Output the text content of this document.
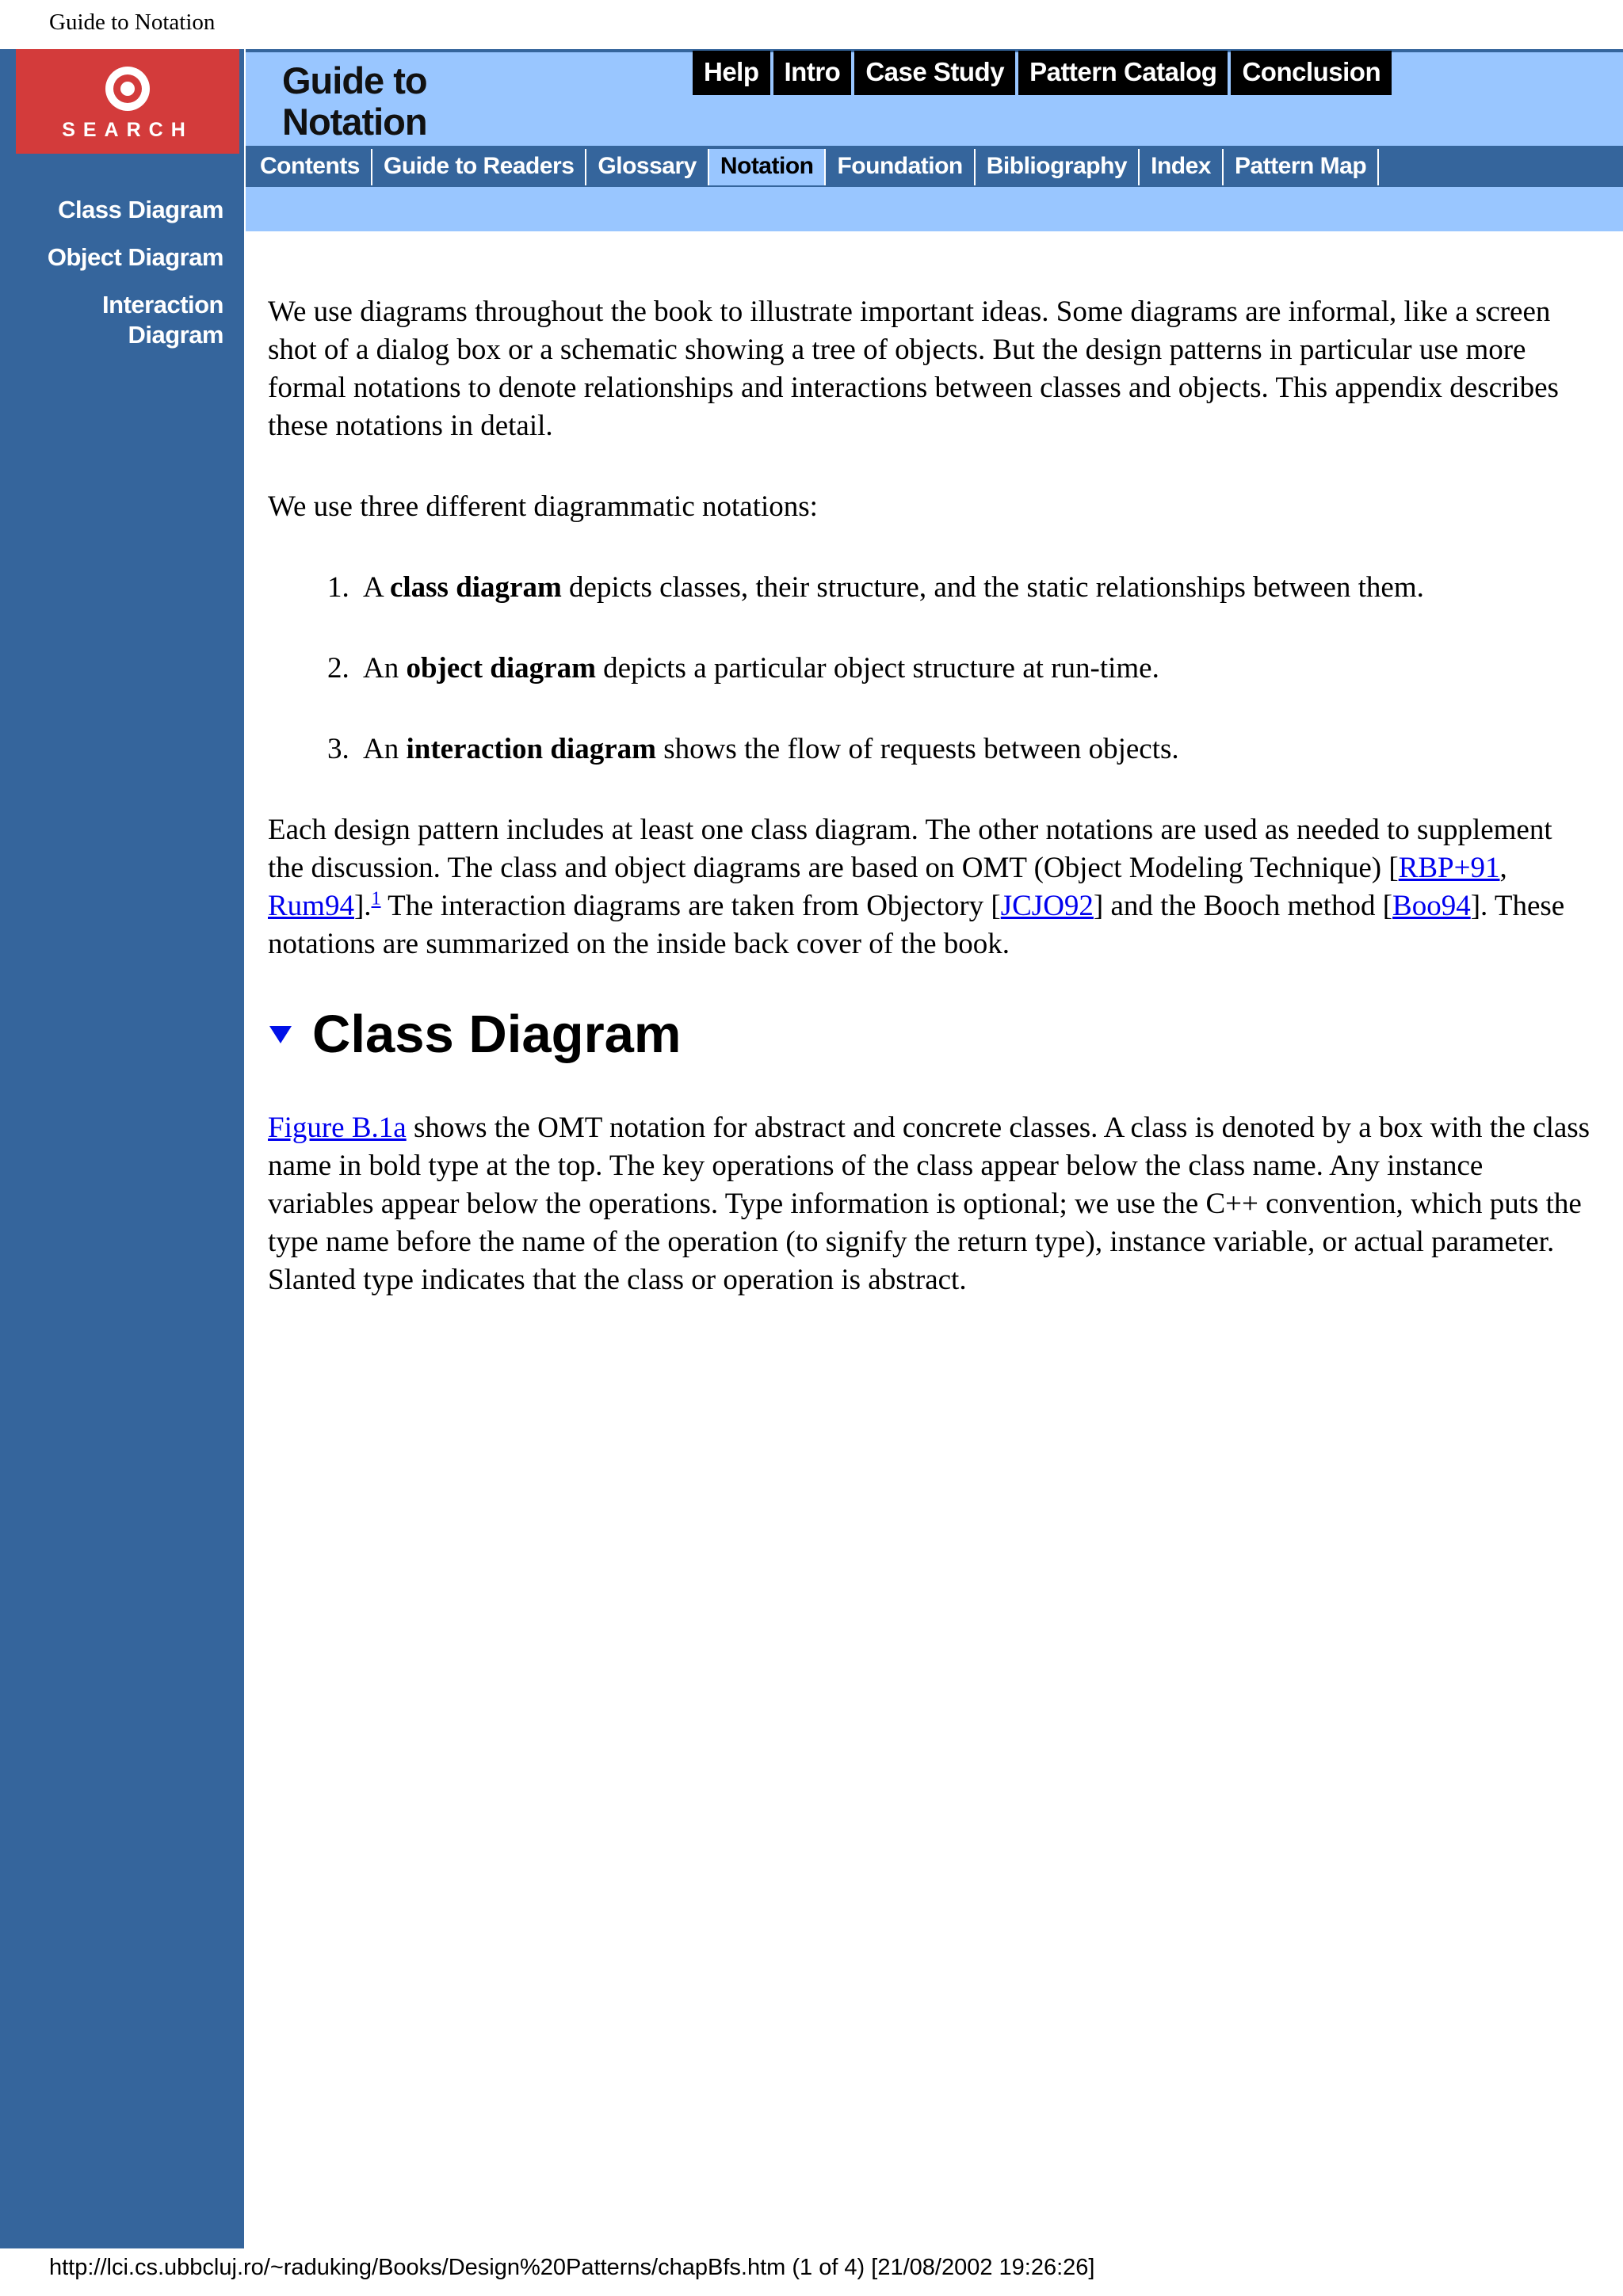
Guide to Notation
SEARCH
Class Diagram
Object Diagram
Interaction
Diagram
Guide to
Notation
Help Intro Case Study Pattern Catalog Conclusion
Contents	Guide to Readers	Glossary	Notation	Foundation	Bibliography	Index	Pattern Map

We use diagrams throughout the book to illustrate important ideas. Some diagrams are informal, like a screen shot of a dialog box or a schematic showing a tree of objects. But the design patterns in particular use more formal notations to denote relationships and interactions between classes and objects. This appendix describes these notations in detail.

We use three different diagrammatic notations:

1. A class diagram depicts classes, their structure, and the static relationships between them.
2. An object diagram depicts a particular object structure at run-time.
3. An interaction diagram shows the flow of requests between objects.

Each design pattern includes at least one class diagram. The other notations are used as needed to supplement the discussion. The class and object diagrams are based on OMT (Object Modeling Technique) [RBP+91, Rum94].$^1$ The interaction diagrams are taken from Objectory [JCJO92] and the Booch method [Boo94]. These notations are summarized on the inside back cover of the book.

Class Diagram

Figure B.1a shows the OMT notation for abstract and concrete classes. A class is denoted by a box with the class name in bold type at the top. The key operations of the class appear below the class name. Any instance variables appear below the operations. Type information is optional; we use the C++ convention, which puts the type name before the name of the operation (to signify the return type), instance variable, or actual parameter. Slanted type indicates that the class or operation is abstract.

http://lci.cs.ubbcluj.ro/~raduking/Books/Design%20Patterns/chapBfs.htm (1 of 4) [21/08/2002 19:26:26]
